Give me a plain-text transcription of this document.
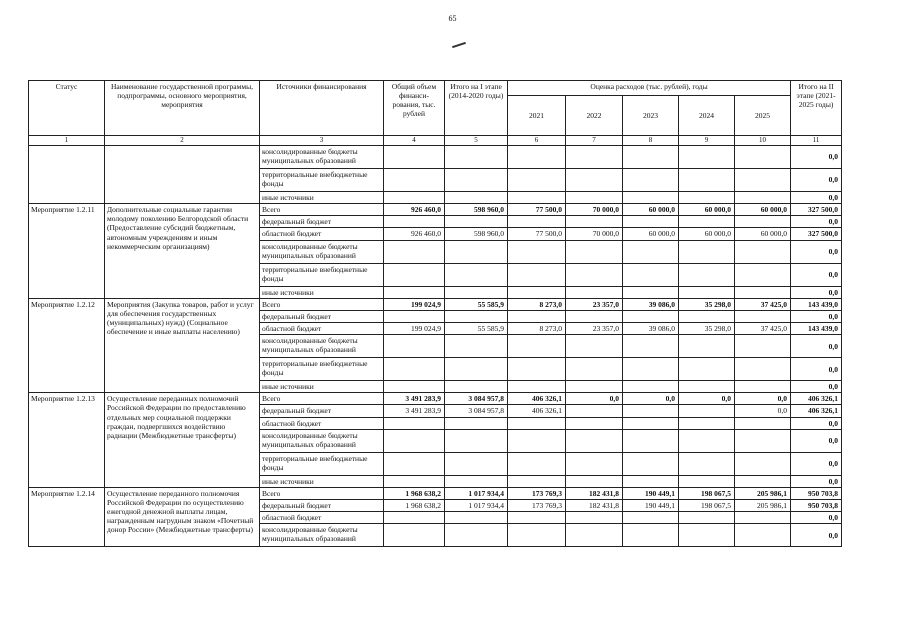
65
Статус	Наименование государственной программы, подпрограммы, основного мероприятия, мероприятия	Источники финансирования	Общий объем финанси-рования, тыс. рублей	Итого на I этапе (2014-2020 годы)	Оценка расходов (тыс. рублей), годы					Итого на II этапе (2021-2025 годы)
					2021	2022	2023	2024	2025	
1	2	3	4	5	6	7	8	9	10	11
		консолидированные бюджеты муниципальных образований								0,0
		территориальные внебюджетные фонды								0,0
		иные источники								0,0
Мероприятие 1.2.11	Дополнительные социальные гарантии молодому поколению Белгородской области (Предоставление субсидий бюджетным, автономным учреждениям и иным некоммерческим организациям)	Всего	926 460,0	598 960,0	77 500,0	70 000,0	60 000,0	60 000,0	60 000,0	327 500,0
		федеральный бюджет								0,0
		областной бюджет	926 460,0	598 960,0	77 500,0	70 000,0	60 000,0	60 000,0	60 000,0	327 500,0
		консолидированные бюджеты муниципальных образований								0,0
		территориальные внебюджетные фонды								0,0
		иные источники								0,0
Мероприятие 1.2.12	Мероприятия (Закупка товаров, работ и услуг для обеспечения государственных (муниципальных) нужд) (Социальное обеспечение и иные выплаты населению)	Всего	199 024,9	55 585,9	8 273,0	23 357,0	39 086,0	35 298,0	37 425,0	143 439,0
		федеральный бюджет								0,0
		областной бюджет	199 024,9	55 585,9	8 273,0	23 357,0	39 086,0	35 298,0	37 425,0	143 439,0
		консолидированные бюджеты муниципальных образований								0,0
		территориальные внебюджетные фонды								0,0
		иные источники								0,0
Мероприятие 1.2.13	Осуществление переданных полномочий Российской Федерации по предоставлению отдельных мер социальной поддержки граждан, подвергшихся воздействию радиации (Межбюджетные трансферты)	Всего	3 491 283,9	3 084 957,8	406 326,1	0,0	0,0	0,0	0,0	406 326,1
		федеральный бюджет	3 491 283,9	3 084 957,8	406 326,1				0,0	406 326,1
		областной бюджет								0,0
		консолидированные бюджеты муниципальных образований								0,0
		территориальные внебюджетные фонды								0,0
		иные источники								0,0
Мероприятие 1.2.14	Осуществление переданного полномочия Российской Федерации по осуществлению ежегодной денежной выплаты лицам, награжденным нагрудным знаком «Почетный донор России» (Межбюджетные трансферты)	Всего	1 968 638,2	1 017 934,4	173 769,3	182 431,8	190 449,1	198 067,5	205 986,1	950 703,8
		федеральный бюджет	1 968 638,2	1 017 934,4	173 769,3	182 431,8	190 449,1	198 067,5	205 986,1	950 703,8
		областной бюджет								0,0
		консолидированные бюджеты муниципальных образований								0,0
